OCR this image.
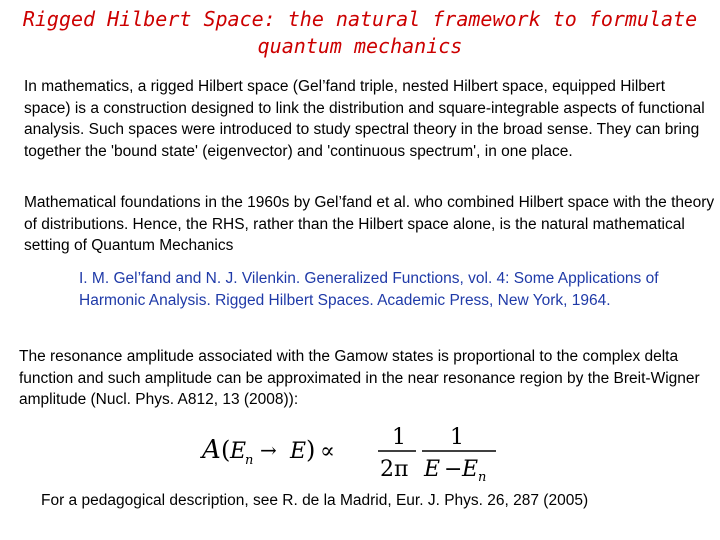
Rigged Hilbert Space: the natural framework to formulate
quantum mechanics
In mathematics, a rigged Hilbert space (Gel’fand triple, nested Hilbert space, equipped Hilbert space) is a construction designed to link the distribution and square-integrable aspects of functional analysis. Such spaces were introduced to study spectral theory in the broad sense. They can bring together the 'bound state' (eigenvector) and 'continuous spectrum', in one place.
Mathematical foundations in the 1960s by Gel’fand et al. who combined Hilbert space with the theory of distributions. Hence, the RHS, rather than the Hilbert space alone, is the natural mathematical setting of Quantum Mechanics
I. M. Gel’fand and N. J. Vilenkin. Generalized Functions, vol. 4: Some Applications of Harmonic Analysis. Rigged Hilbert Spaces. Academic Press, New York, 1964.
The resonance amplitude associated with the Gamow states is proportional to the complex delta function and such amplitude can be approximated in the near resonance region by the Breit-Wigner amplitude (Nucl. Phys. A812, 13 (2008)):
A ( E
n → E ) ∝
1
2π
1
E − E n
For a pedagogical description, see R. de la Madrid, Eur. J. Phys. 26, 287 (2005)
